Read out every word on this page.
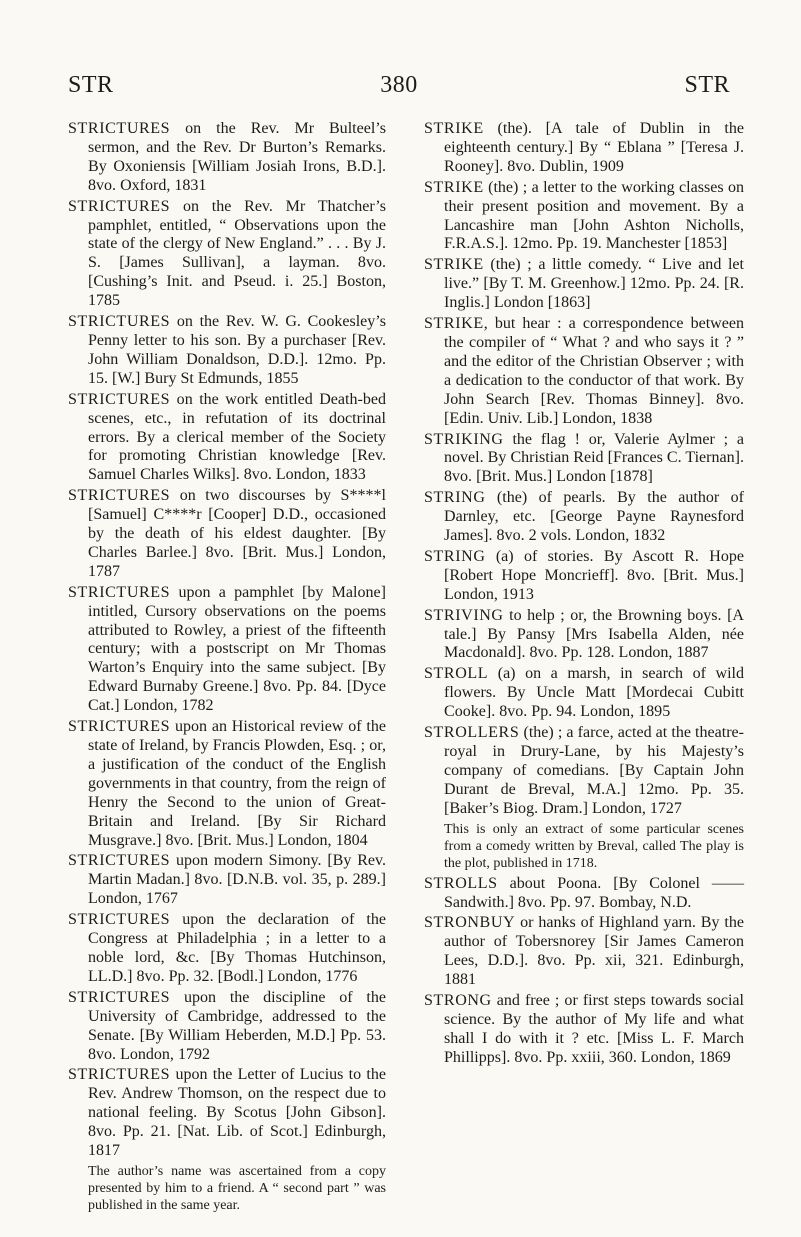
STR	380	STR

STRICTURES on the Rev. Mr Bulteel’s sermon, and the Rev. Dr Burton’s Remarks. By Oxoniensis [William Josiah Irons, B.D.]. 8vo. Oxford, 1831

STRICTURES on the Rev. Mr Thatcher’s pamphlet, entitled, “ Observations upon the state of the clergy of New England.” . . . By J. S. [James Sullivan], a layman. 8vo. [Cushing’s Init. and Pseud. i. 25.] Boston, 1785

STRICTURES on the Rev. W. G. Cookesley’s Penny letter to his son. By a purchaser [Rev. John William Donaldson, D.D.]. 12mo. Pp. 15. [W.] Bury St Edmunds, 1855

STRICTURES on the work entitled Death-bed scenes, etc., in refutation of its doctrinal errors. By a clerical member of the Society for promoting Christian knowledge [Rev. Samuel Charles Wilks]. 8vo. London, 1833

STRICTURES on two discourses by S****l [Samuel] C****r [Cooper] D.D., occasioned by the death of his eldest daughter. [By Charles Barlee.] 8vo. [Brit. Mus.] London, 1787

STRICTURES upon a pamphlet [by Malone] intitled, Cursory observations on the poems attributed to Rowley, a priest of the fifteenth century; with a postscript on Mr Thomas Warton’s Enquiry into the same subject. [By Edward Burnaby Greene.] 8vo. Pp. 84. [Dyce Cat.] London, 1782

STRICTURES upon an Historical review of the state of Ireland, by Francis Plowden, Esq. ; or, a justification of the conduct of the English governments in that country, from the reign of Henry the Second to the union of Great-Britain and Ireland. [By Sir Richard Musgrave.] 8vo. [Brit. Mus.] London, 1804

STRICTURES upon modern Simony. [By Rev. Martin Madan.] 8vo. [D.N.B. vol. 35, p. 289.] London, 1767

STRICTURES upon the declaration of the Congress at Philadelphia ; in a letter to a noble lord, &c. [By Thomas Hutchinson, LL.D.] 8vo. Pp. 32. [Bodl.] London, 1776

STRICTURES upon the discipline of the University of Cambridge, addressed to the Senate. [By William Heberden, M.D.] Pp. 53. 8vo. London, 1792

STRICTURES upon the Letter of Lucius to the Rev. Andrew Thomson, on the respect due to national feeling. By Scotus [John Gibson]. 8vo. Pp. 21. [Nat. Lib. of Scot.] Edinburgh, 1817

The author’s name was ascertained from a copy presented by him to a friend. A “ second part ” was published in the same year.

STRIKE (the). [A tale of Dublin in the eighteenth century.] By “ Eblana ” [Teresa J. Rooney]. 8vo. Dublin, 1909

STRIKE (the) ; a letter to the working classes on their present position and movement. By a Lancashire man [John Ashton Nicholls, F.R.A.S.]. 12mo. Pp. 19. Manchester [1853]

STRIKE (the) ; a little comedy. “ Live and let live.” [By T. M. Greenhow.] 12mo. Pp. 24. [R. Inglis.] London [1863]

STRIKE, but hear : a correspondence between the compiler of “ What ? and who says it ? ” and the editor of the Christian Observer ; with a dedication to the conductor of that work. By John Search [Rev. Thomas Binney]. 8vo. [Edin. Univ. Lib.] London, 1838

STRIKING the flag ! or, Valerie Aylmer ; a novel. By Christian Reid [Frances C. Tiernan]. 8vo. [Brit. Mus.] London [1878]

STRING (the) of pearls. By the author of Darnley, etc. [George Payne Raynesford James]. 8vo. 2 vols. London, 1832

STRING (a) of stories. By Ascott R. Hope [Robert Hope Moncrieff]. 8vo. [Brit. Mus.] London, 1913

STRIVING to help ; or, the Browning boys. [A tale.] By Pansy [Mrs Isabella Alden, née Macdonald]. 8vo. Pp. 128. London, 1887

STROLL (a) on a marsh, in search of wild flowers. By Uncle Matt [Mordecai Cubitt Cooke]. 8vo. Pp. 94. London, 1895

STROLLERS (the) ; a farce, acted at the theatre-royal in Drury-Lane, by his Majesty’s company of comedians. [By Captain John Durant de Breval, M.A.] 12mo. Pp. 35. [Baker’s Biog. Dram.] London, 1727

This is only an extract of some particular scenes from a comedy written by Breval, called The play is the plot, published in 1718.

STROLLS about Poona. [By Colonel —— Sandwith.] 8vo. Pp. 97. Bombay, N.D.

STRONBUY or hanks of Highland yarn. By the author of Tobersnorey [Sir James Cameron Lees, D.D.]. 8vo. Pp. xii, 321. Edinburgh, 1881

STRONG and free ; or first steps towards social science. By the author of My life and what shall I do with it ? etc. [Miss L. F. March Phillipps]. 8vo. Pp. xxiii, 360. London, 1869
